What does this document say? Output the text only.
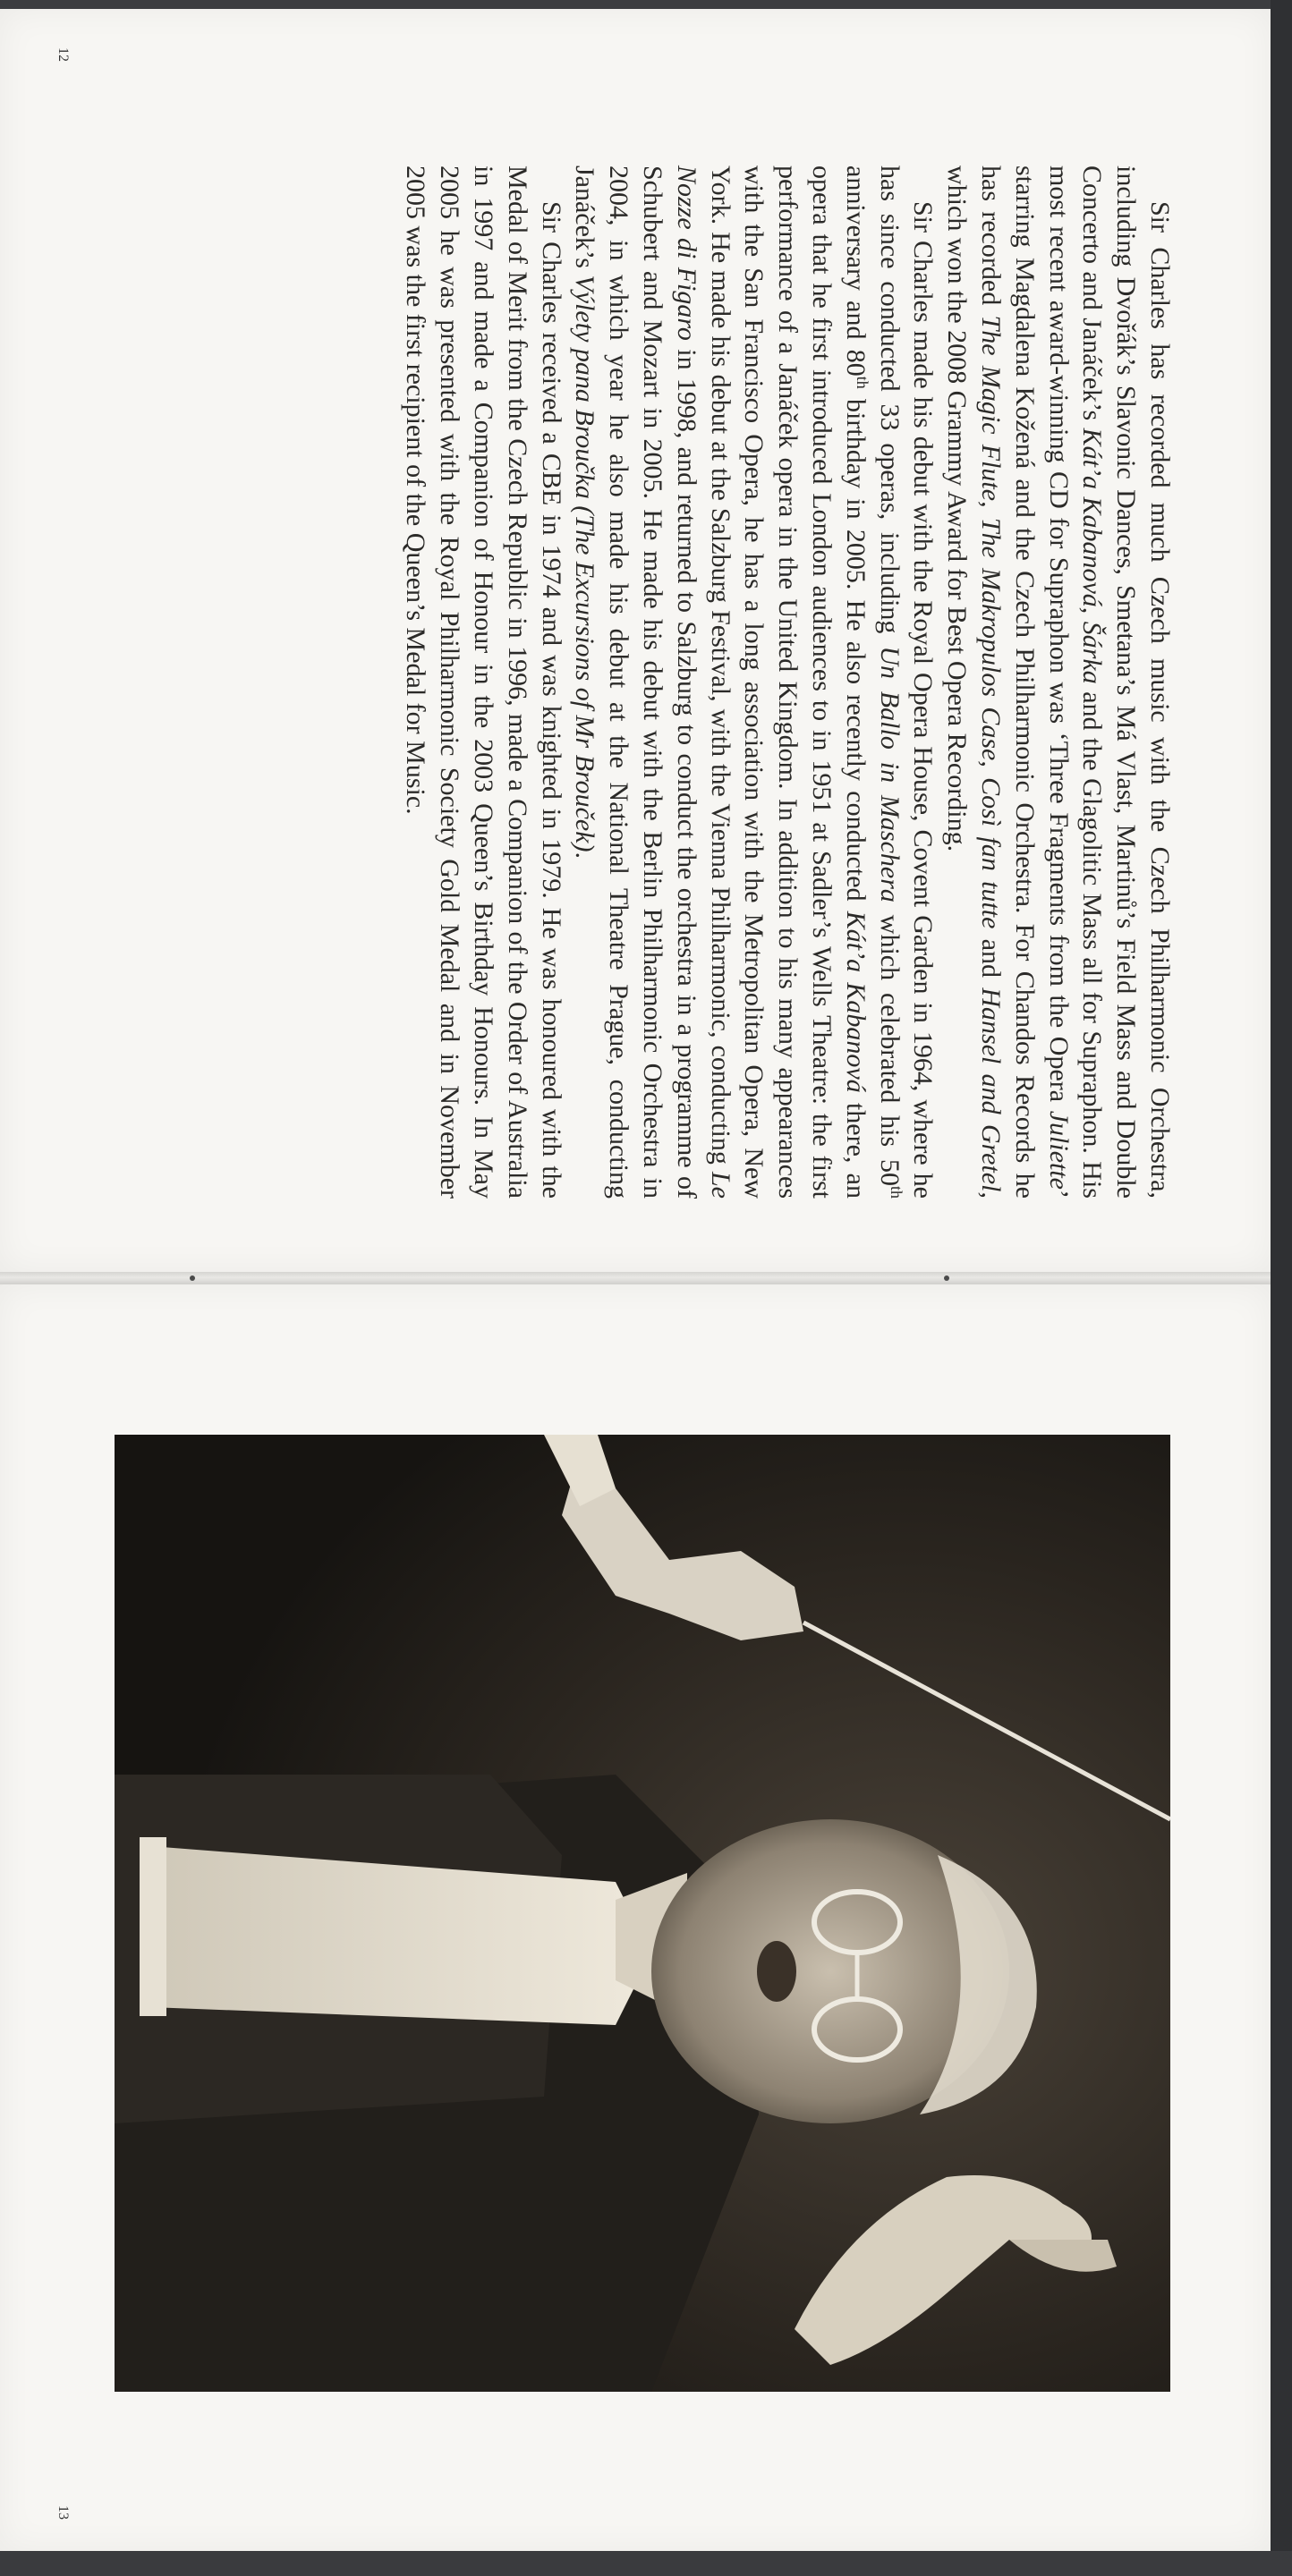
12
13

Sir Charles has recorded much Czech music with the Czech Philharmonic Orchestra, including Dvořák’s Slavonic Dances, Smetana’s Má Vlast, Martinů’s Field Mass and Double Concerto and Janáček’s Kát’a Kabanová, Šárka and the Glagolitic Mass all for Supraphon. His most recent award-winning CD for Supraphon was ‘Three Fragments from the Opera Juliette’ starring Magdalena Kožená and the Czech Philharmonic Orchestra. For Chandos Records he has recorded The Magic Flute, The Makropulos Case, Così fan tutte and Hansel and Gretel, which won the 2008 Grammy Award for Best Opera Recording.

Sir Charles made his debut with the Royal Opera House, Covent Garden in 1964, where he has since conducted 33 operas, including Un Ballo in Maschera which celebrated his 50th anniversary and 80th birthday in 2005. He also recently conducted Kát’a Kabanová there, an opera that he first introduced London audiences to in 1951 at Sadler’s Wells Theatre: the first performance of a Janáček opera in the United Kingdom. In addition to his many appearances with the San Francisco Opera, he has a long association with the Metropolitan Opera, New York. He made his debut at the Salzburg Festival, with the Vienna Philharmonic, conducting Le Nozze di Figaro in 1998, and returned to Salzburg to conduct the orchestra in a programme of Schubert and Mozart in 2005. He made his debut with the Berlin Philharmonic Orchestra in 2004, in which year he also made his debut at the National Theatre Prague, conducting Janáček’s Výlety pana Broučka (The Excursions of Mr Brouček).

Sir Charles received a CBE in 1974 and was knighted in 1979. He was honoured with the Medal of Merit from the Czech Republic in 1996, made a Companion of the Order of Australia in 1997 and made a Companion of Honour in the 2003 Queen’s Birthday Honours. In May 2005 he was presented with the Royal Philharmonic Society Gold Medal and in November 2005 was the first recipient of the Queen’s Medal for Music.
